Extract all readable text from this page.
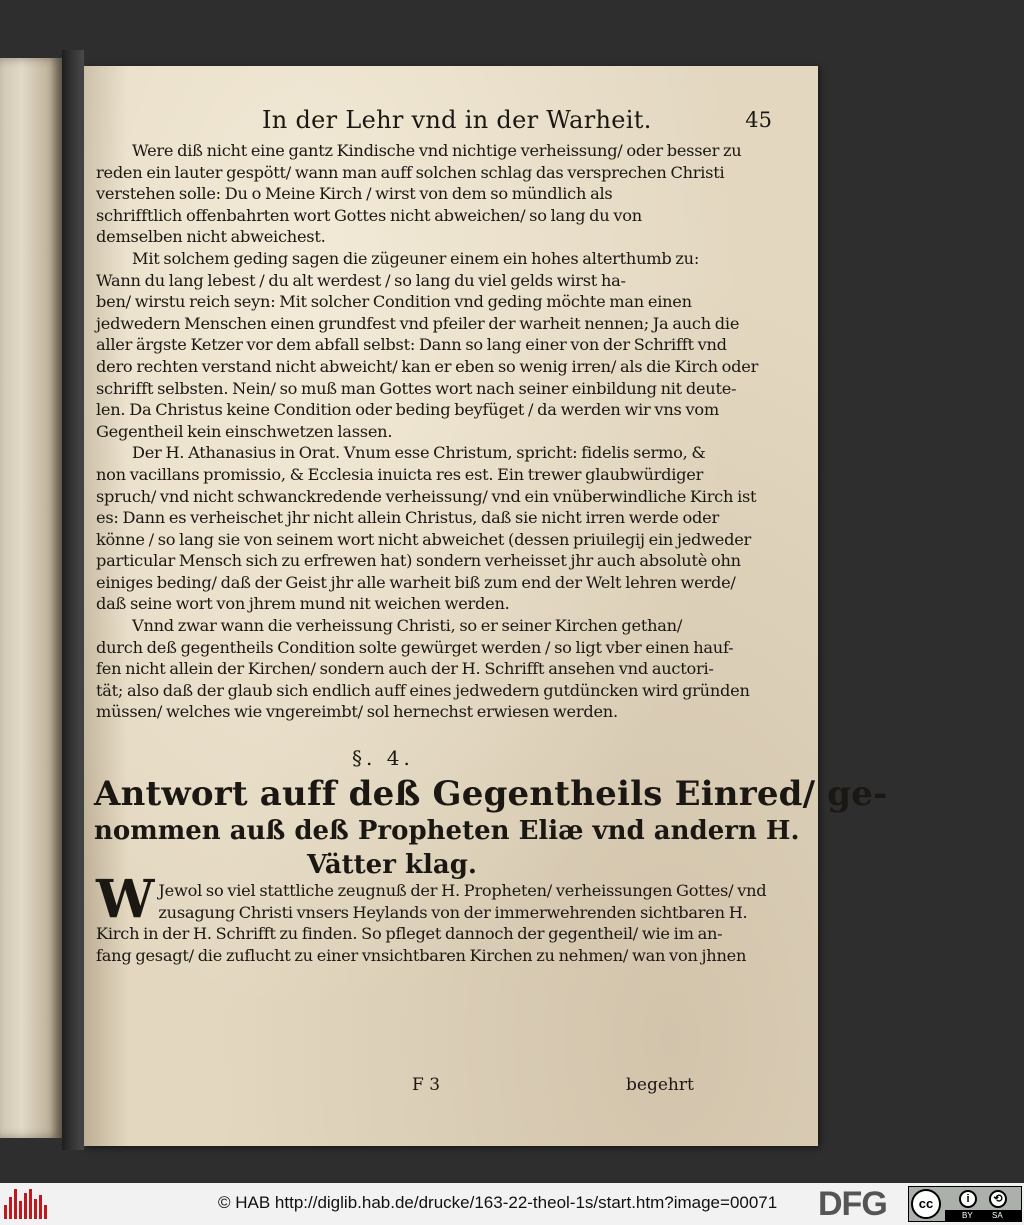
In der Lehr vnd in der Warheit.	45
Were diß nicht eine gantz Kindische vnd nichtige verheissung/ oder besser zu
reden ein lauter gespött/ wann man auff solchen schlag das versprechen Christi
verstehen solle: Du o Meine Kirch / wirst von dem so mündlich als
schrifftlich offenbahrten wort Gottes nicht abweichen/ so lang du von
demselben nicht abweichest.
Mit solchem geding sagen die zügeuner einem ein hohes alterthumb zu:
Wann du lang lebest / du alt werdest / so lang du viel gelds wirst ha-
ben/ wirstu reich seyn: Mit solcher Condition vnd geding möchte man einen
jedwedern Menschen einen grundfest vnd pfeiler der warheit nennen; Ja auch die
aller ärgste Ketzer vor dem abfall selbst: Dann so lang einer von der Schrifft vnd
dero rechten verstand nicht abweicht/ kan er eben so wenig irren/ als die Kirch oder
schrifft selbsten. Nein/ so muß man Gottes wort nach seiner einbildung nit deute-
len. Da Christus keine Condition oder beding beyfüget / da werden wir vns vom
Gegentheil kein einschwetzen lassen.
Der H. Athanasius in Orat. Vnum esse Christum, spricht: fidelis sermo, &
non vacillans promissio, & Ecclesia inuicta res est. Ein trewer glaubwürdiger
spruch/ vnd nicht schwanckredende verheissung/ vnd ein vnüberwindliche Kirch ist
es: Dann es verheischet jhr nicht allein Christus, daß sie nicht irren werde oder
könne / so lang sie von seinem wort nicht abweichet (dessen priuilegij ein jedweder
particular Mensch sich zu erfrewen hat) sondern verheisset jhr auch absolutè ohn
einiges beding/ daß der Geist jhr alle warheit biß zum end der Welt lehren werde/
daß seine wort von jhrem mund nit weichen werden.
Vnnd zwar wann die verheissung Christi, so er seiner Kirchen gethan/
durch deß gegentheils Condition solte gewürget werden / so ligt vber einen hauf-
fen nicht allein der Kirchen/ sondern auch der H. Schrifft ansehen vnd auctori-
tät; also daß der glaub sich endlich auff eines jedwedern gutdüncken wird gründen
müssen/ welches wie vngereimbt/ sol hernechst erwiesen werden.
§. 4.
Antwort auff deß Gegentheils Einred/ ge-
nommen auß deß Propheten Eliæ vnd andern H.
Vätter klag.
W Jewol so viel stattliche zeugnuß der H. Propheten/ verheissungen Gottes/ vnd
zusagung Christi vnsers Heylands von der immerwehrenden sichtbaren H.
Kirch in der H. Schrifft zu finden. So pfleget dannoch der gegentheil/ wie im an-
fang gesagt/ die zuflucht zu einer vnsichtbaren Kirchen zu nehmen/ wan von jhnen
F 3	begehrt
© HAB http://diglib.hab.de/drucke/163-22-theol-1s/start.htm?image=00071 DFG	cc	i	⟲
BY SA
